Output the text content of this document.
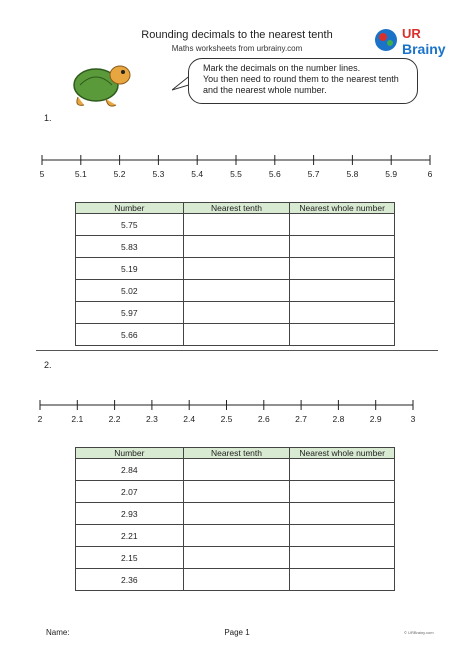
Rounding decimals to the nearest tenth
Maths worksheets from urbrainy.com
UR
Brainy
Mark the decimals on the number lines.
You then need to round them to the nearest tenth
and the nearest whole number.
1.
5	5.1	5.2	5.3	5.4	5.5	5.6	5.7	5.8	5.9	6
Number	Nearest tenth	Nearest whole number
5.75		
5.83		
5.19		
5.02		
5.97		
5.66		
2.
2	2.1	2.2	2.3	2.4	2.5	2.6	2.7	2.8	2.9	3
Number	Nearest tenth	Nearest whole number
2.84		
2.07		
2.93		
2.21		
2.15		
2.36		
Name:	Page 1	© URBrainy.com
